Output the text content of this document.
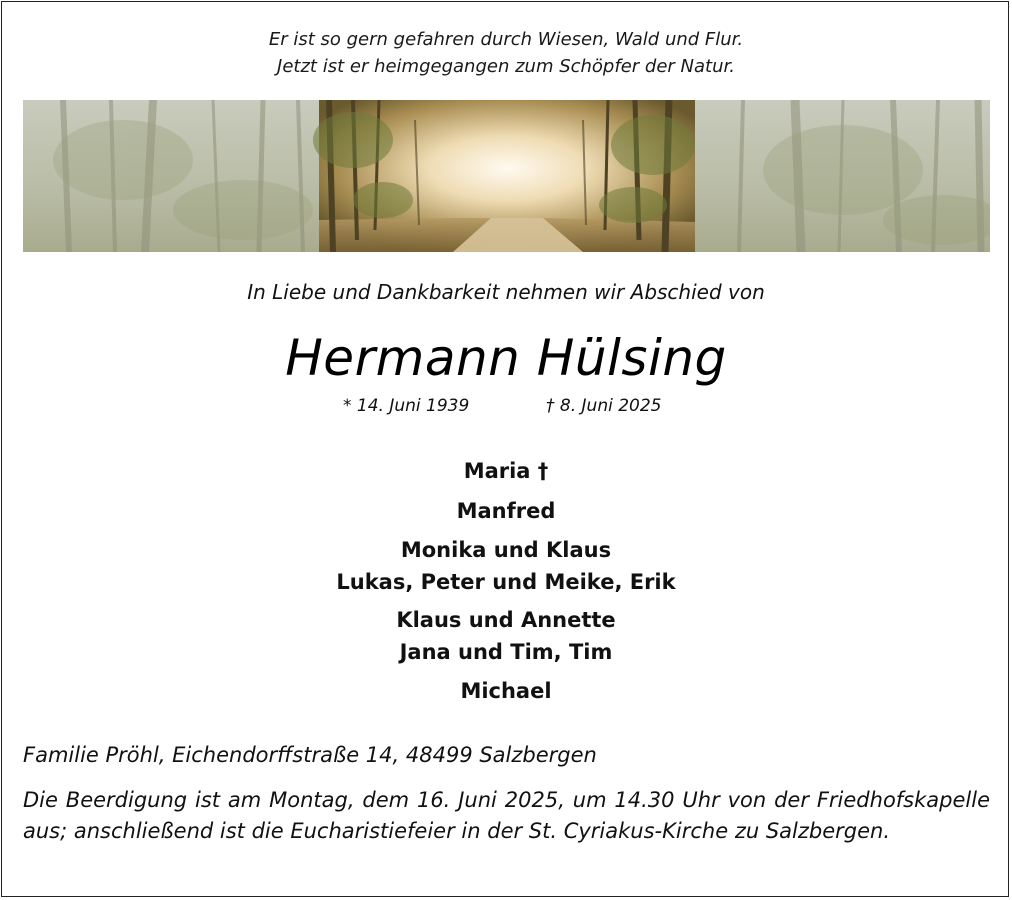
Er ist so gern gefahren durch Wiesen, Wald und Flur.
Jetzt ist er heimgegangen zum Schöpfer der Natur.
In Liebe und Dankbarkeit nehmen wir Abschied von
Hermann Hülsing
* 14. Juni 1939	† 8. Juni 2025
Maria †
Manfred
Monika und Klaus
Lukas, Peter und Meike, Erik
Klaus und Annette
Jana und Tim, Tim
Michael
Familie Pröhl, Eichendorffstraße 14, 48499 Salzbergen
Die Beerdigung ist am Montag, dem 16. Juni 2025, um 14.30 Uhr von der Friedhofskapelle aus; anschließend ist die Eucharistiefeier in der St. Cyriakus-Kirche zu Salzbergen.
